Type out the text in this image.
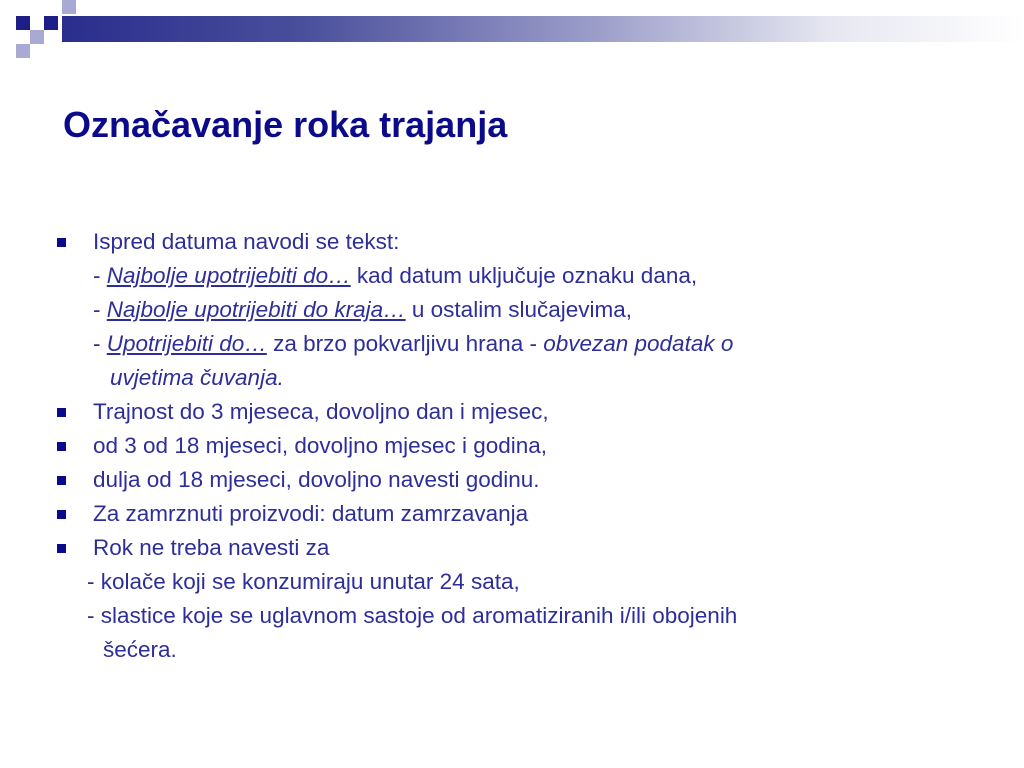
Označavanje roka trajanja
Ispred datuma navodi se tekst:
- Najbolje upotrijebiti do… kad datum uključuje oznaku dana,
- Najbolje upotrijebiti do kraja… u ostalim slučajevima,
- Upotrijebiti do… za brzo pokvarljivu hrana - obvezan podatak o
uvjetima čuvanja.
Trajnost do 3 mjeseca, dovoljno dan i mjesec,
od 3 od 18 mjeseci, dovoljno mjesec i godina,
dulja od 18 mjeseci, dovoljno navesti godinu.
Za zamrznuti proizvodi: datum zamrzavanja
Rok ne treba navesti za
- kolače koji se konzumiraju unutar 24 sata,
- slastice koje se uglavnom sastoje od aromatiziranih i/ili obojenih
šećera.
